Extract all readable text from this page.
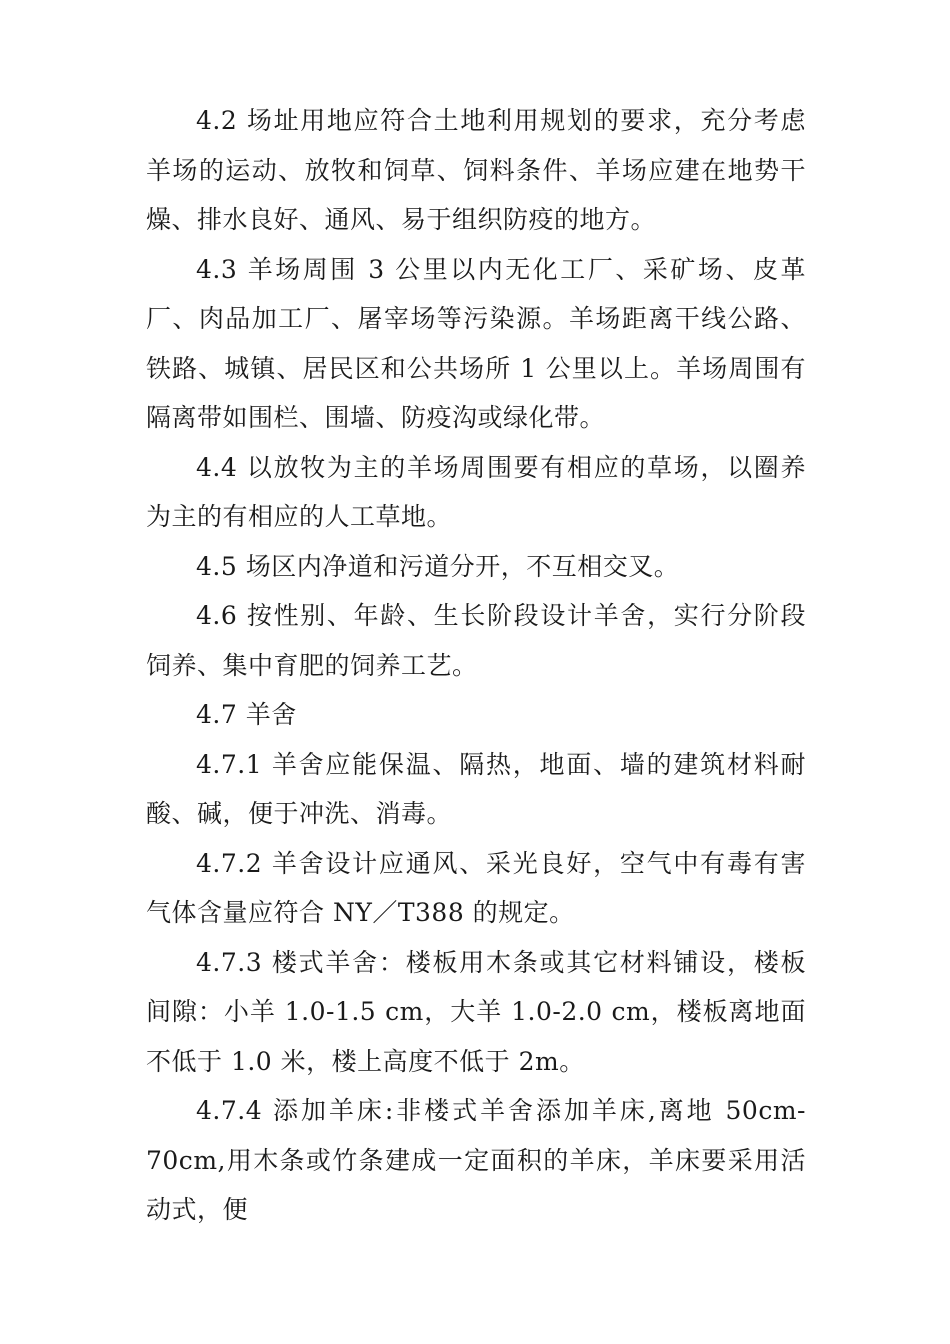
4.2 场址用地应符合土地利用规划的要求，充分考虑羊场的运动、放牧和饲草、饲料条件、羊场应建在地势干燥、排水良好、通风、易于组织防疫的地方。

4.3 羊场周围 3 公里以内无化工厂、采矿场、皮革厂、肉品加工厂、屠宰场等污染源。羊场距离干线公路、铁路、城镇、居民区和公共场所 1 公里以上。羊场周围有隔离带如围栏、围墙、防疫沟或绿化带。

4.4 以放牧为主的羊场周围要有相应的草场，以圈养为主的有相应的人工草地。

4.5 场区内净道和污道分开，不互相交叉。

4.6 按性别、年龄、生长阶段设计羊舍，实行分阶段饲养、集中育肥的饲养工艺。

4.7 羊舍

4.7.1 羊舍应能保温、隔热，地面、墙的建筑材料耐酸、碱，便于冲洗、消毒。

4.7.2 羊舍设计应通风、采光良好，空气中有毒有害气体含量应符合 NY／T388 的规定。

4.7.3 楼式羊舍：楼板用木条或其它材料铺设，楼板间隙：小羊 1.0-1.5 cm，大羊 1.0-2.0 cm，楼板离地面不低于 1.0 米，楼上高度不低于 2m。

4.7.4 添加羊床:非楼式羊舍添加羊床,离地 50cm-70cm,用木条或竹条建成一定面积的羊床，羊床要采用活动式，便
